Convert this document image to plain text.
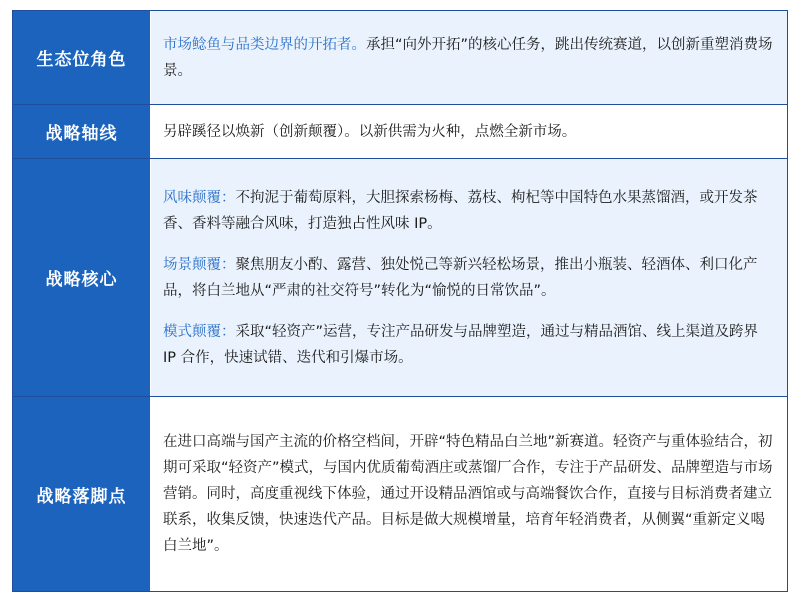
生态位角色

市场鲶鱼与品类边界的开拓者。承担“向外开拓”的核心任务，跳出传统赛道，以创新重塑消费场景。

战略轴线	另辟蹊径以焕新（创新颠覆）。以新供需为火种，点燃全新市场。

战略核心

风味颠覆：不拘泥于葡萄原料，大胆探索杨梅、荔枝、枸杞等中国特色水果蒸馏酒，或开发茶香、香料等融合风味，打造独占性风味 IP。

场景颠覆：聚焦朋友小酌、露营、独处悦己等新兴轻松场景，推出小瓶装、轻酒体、利口化产品，将白兰地从“严肃的社交符号”转化为“愉悦的日常饮品”。

模式颠覆：采取“轻资产”运营，专注产品研发与品牌塑造，通过与精品酒馆、线上渠道及跨界 IP 合作，快速试错、迭代和引爆市场。

战略落脚点

在进口高端与国产主流的价格空档间，开辟“特色精品白兰地”新赛道。轻资产与重体验结合，初期可采取“轻资产”模式，与国内优质葡萄酒庄或蒸馏厂合作，专注于产品研发、品牌塑造与市场营销。同时，高度重视线下体验，通过开设精品酒馆或与高端餐饮合作，直接与目标消费者建立联系，收集反馈，快速迭代产品。目标是做大规模增量，培育年轻消费者，从侧翼“重新定义喝白兰地”。
